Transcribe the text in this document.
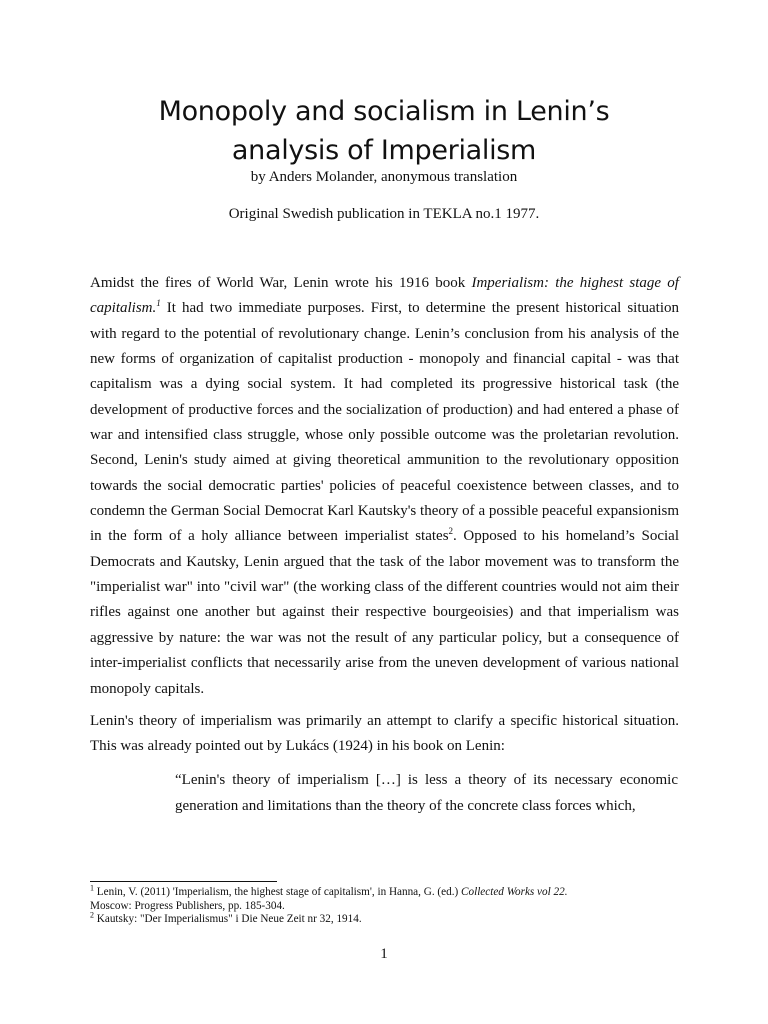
Monopoly and socialism in Lenin’s
analysis of Imperialism
by Anders Molander, anonymous translation
Original Swedish publication in TEKLA no.1 1977.

Amidst the fires of World War, Lenin wrote his 1916 book Imperialism: the highest stage of capitalism.$^1$ It had two immediate purposes. First, to determine the present historical situation with regard to the potential of revolutionary change. Lenin’s conclusion from his analysis of the new forms of organization of capitalist production - monopoly and financial capital - was that capitalism was a dying social system. It had completed its progressive historical task (the development of productive forces and the socialization of production) and had entered a phase of war and intensified class struggle, whose only possible outcome was the proletarian revolution. Second, Lenin's study aimed at giving theoretical ammunition to the revolutionary opposition towards the social democratic parties' policies of peaceful coexistence between classes, and to condemn the German Social Democrat Karl Kautsky's theory of a possible peaceful expansionism in the form of a holy alliance between imperialist states$^2$. Opposed to his homeland’s Social Democrats and Kautsky, Lenin argued that the task of the labor movement was to transform the "imperialist war" into "civil war" (the working class of the different countries would not aim their rifles against one another but against their respective bourgeoisies) and that imperialism was aggressive by nature: the war was not the result of any particular policy, but a consequence of inter-imperialist conflicts that necessarily arise from the uneven development of various national monopoly capitals.

Lenin's theory of imperialism was primarily an attempt to clarify a specific historical situation. This was already pointed out by Lukács (1924) in his book on Lenin:

“Lenin's theory of imperialism […] is less a theory of its necessary economic generation and limitations than the theory of the concrete class forces which,

$^1$ Lenin, V. (2011) 'Imperialism, the highest stage of capitalism', in Hanna, G. (ed.) Collected Works vol 22.
Moscow: Progress Publishers, pp. 185-304.
$^2$ Kautsky: "Der Imperialismus" i Die Neue Zeit nr 32, 1914.
1
